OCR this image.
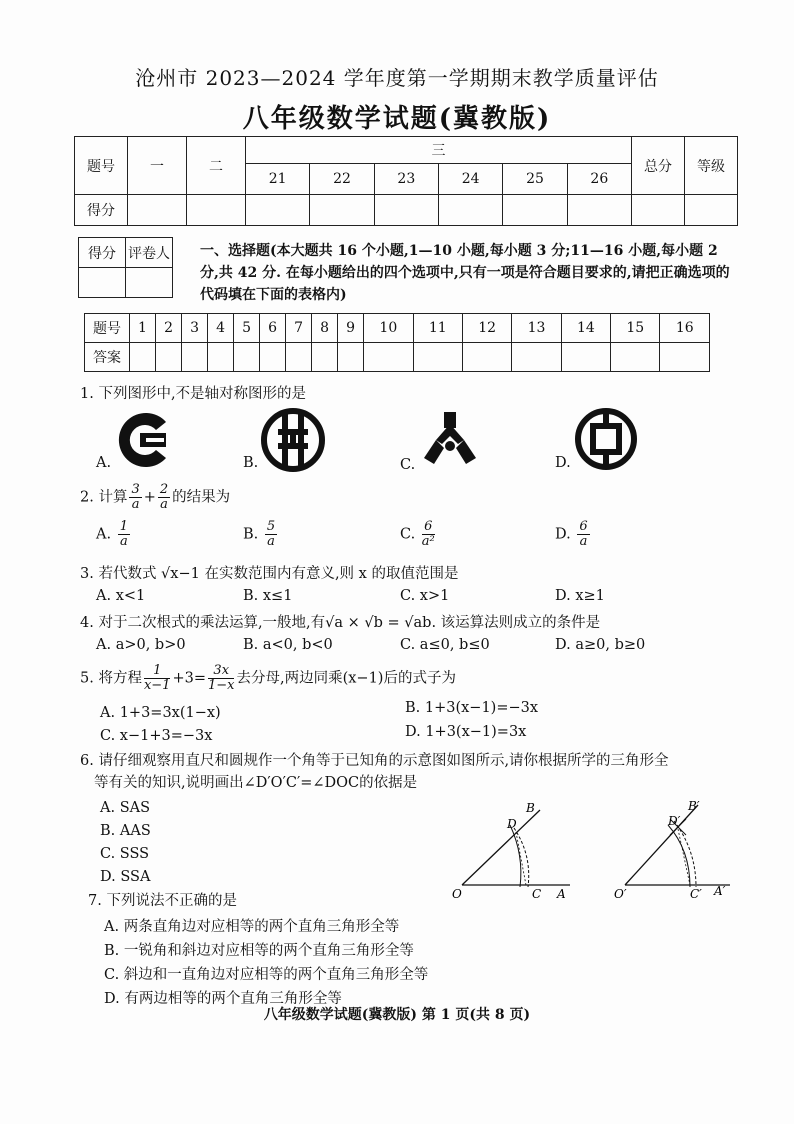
沧州市 2023—2024 学年度第一学期期末教学质量评估
八年级数学试题(冀教版)
题号	一	二	三						总分	等级
			21	22	23	24	25	26		
得分										
得分	评卷人
	一、选择题(本大题共 16 个小题,1—10 小题,每小题 3 分;11—16 小题,每小题 2 分,共 42 分. 在每小题给出的四个选项中,只有一项是符合题目要求的,请把正确选项的代码填在下面的表格内)
题号	1	2	3	4	5	6	7	8	9	10	11	12	13	14	15	16
答案																
1. 下列图形中,不是轴对称图形的是
A.	B.	C.	D.
2. 计算 $\frac{3}{a} + \frac{2}{a}$ 的结果为
A. $\frac{1}{a}$	B. $\frac{5}{a}$	C. $\frac{6}{\text{a²}}$	D. $\frac{6}{a}$
3. 若代数式 √x−1 在实数范围内有意义,则 x 的取值范围是
A. x<1	B. x≤1	C. x>1	D. x≥1
4. 对于二次根式的乘法运算,一般地,有√a × √b = √ab. 该运算法则成立的条件是
A. a>0, b>0	B. a<0, b<0	C. a≤0, b≤0	D. a≥0, b≥0
5. 将方程 $\frac{1}{x-1} +3= \frac{3x}{1-x}$ 去分母,两边同乘(x−1)后的式子为
A. 1+3=3x(1−x)	B. 1+3(x−1)=−3x
C. x−1+3=−3x	D. 1+3(x−1)=3x
6. 请仔细观察用直尺和圆规作一个角等于已知角的示意图如图所示,请你根据所学的三角形全
等有关的知识,说明画出∠D′O′C′=∠DOC的依据是
A. SAS
B. AAS
C. SSS
D. SSA
B
D
O	C A
B′
D′
O′	C′ A′
7. 下列说法不正确的是
A. 两条直角边对应相等的两个直角三角形全等
B. 一锐角和斜边对应相等的两个直角三角形全等
C. 斜边和一直角边对应相等的两个直角三角形全等
D. 有两边相等的两个直角三角形全等
八年级数学试题(冀教版) 第 1 页(共 8 页)
